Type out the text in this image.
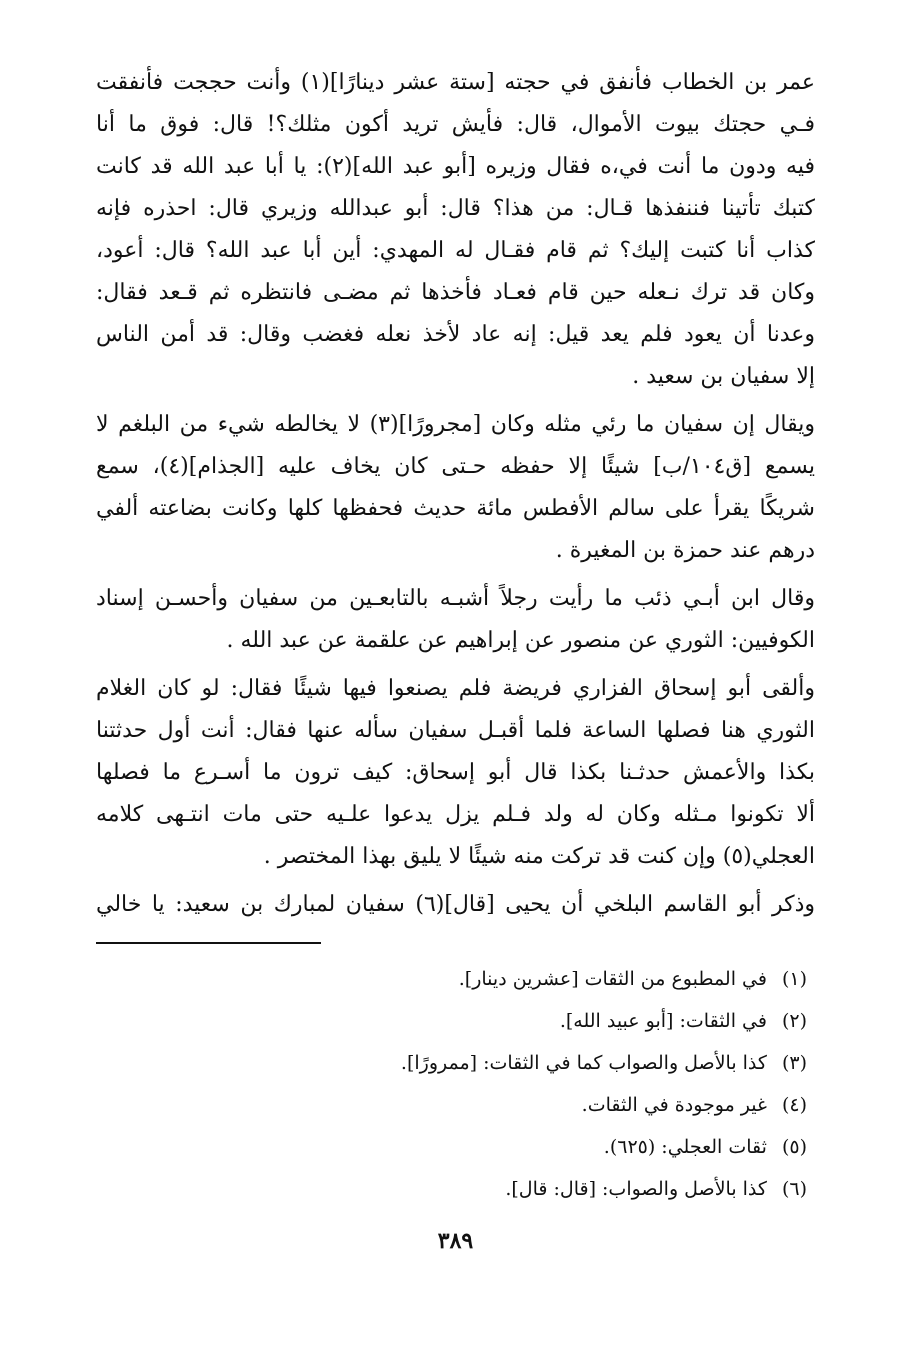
عمر بن الخطاب فأنفق في حجته [ستة عشر دينارًا](١) وأنت حججت فأنفقت
فـي حجتك بيوت الأموال، قال: فأيش تريد أكون مثلك؟! قال: فوق ما أنا
فيه ودون ما أنت في،ه فقال وزيره [أبو عبد الله](٢): يا أبا عبد الله قد كانت
كتبك تأتينا فننفذها قـال: من هذا؟ قال: أبو عبدالله وزيري قال: احذره فإنه
كذاب أنا كتبت إليك؟ ثم قام فقـال له المهدي: أين أبا عبد الله؟ قال: أعود،
وكان قد ترك نـعله حين قام فعـاد فأخذها ثم مضـى فانتظره ثم قـعد فقال:
وعدنا أن يعود فلم يعد قيل: إنه عاد لأخذ نعله فغضب وقال: قد أمن الناس
إلا سفيان بن سعيد .

ويقال إن سفيان ما رئي مثله وكان [مجرورًا](٣) لا يخالطه شيء من البلغم لا
يسمع [ق١٠٤/ب] شيئًا إلا حفظه حـتى كان يخاف عليه [الجذام](٤)، سمع
شريكًا يقرأ على سالم الأفطس مائة حديث فحفظها كلها وكانت بضاعته ألفي
درهم عند حمزة بن المغيرة .

وقال ابن أبـي ذئب ما رأيت رجلاً أشبـه بالتابعـين من سفيان وأحسـن إسناد
الكوفيين: الثوري عن منصور عن إبراهيم عن علقمة عن عبد الله .

وألقى أبو إسحاق الفزاري فريضة فلم يصنعوا فيها شيئًا فقال: لو كان الغلام
الثوري هنا فصلها الساعة فلما أقبـل سفيان سأله عنها فقال: أنت أول حدثتنا
بكذا والأعمش حدثـنا بكذا قال أبو إسحاق: كيف ترون ما أسـرع ما فصلها
ألا تكونوا مـثله وكان له ولد فـلم يزل يدعوا علـيه حتى مات انتـهى كلامه
العجلي(٥) وإن كنت قد تركت منه شيئًا لا يليق بهذا المختصر .

وذكر أبو القاسم البلخي أن يحيى [قال](٦) سفيان لمبارك بن سعيد: يا خالي

(١) في المطبوع من الثقات [عشرين دينار].
(٢) في الثقات: [أبو عبيد الله].
(٣) كذا بالأصل والصواب كما في الثقات: [ممرورًا].
(٤) غير موجودة في الثقات.
(٥) ثقات العجلي: (٦٢٥).
(٦) كذا بالأصل والصواب: [قال: قال].
٣٨٩
